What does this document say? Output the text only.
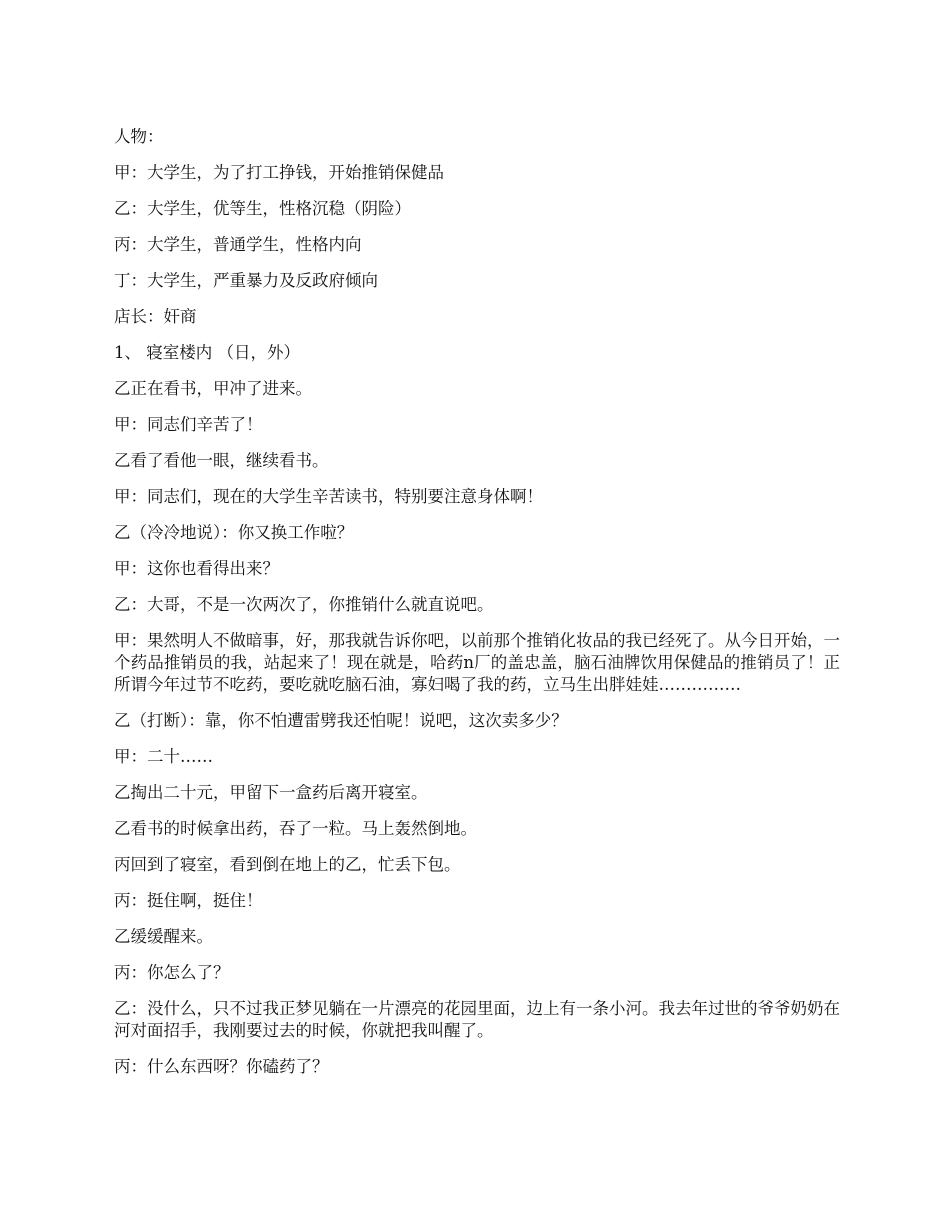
人物：

甲：大学生，为了打工挣钱，开始推销保健品

乙：大学生，优等生，性格沉稳（阴险）

丙：大学生，普通学生，性格内向

丁：大学生，严重暴力及反政府倾向

店长：奸商

1、 寝室楼内 （日，外）

乙正在看书，甲冲了进来。

甲：同志们辛苦了！

乙看了看他一眼，继续看书。

甲：同志们，现在的大学生辛苦读书，特别要注意身体啊！

乙（冷冷地说）：你又换工作啦？

甲：这你也看得出来？

乙：大哥，不是一次两次了，你推销什么就直说吧。

甲：果然明人不做暗事，好，那我就告诉你吧，以前那个推销化妆品的我已经死了。从今日开始，一个药品推销员的我，站起来了！现在就是，哈药n厂的盖忠盖，脑石油牌饮用保健品的推销员了！正所谓今年过节不吃药，要吃就吃脑石油，寡妇喝了我的药，立马生出胖娃娃……………

乙（打断）：靠，你不怕遭雷劈我还怕呢！说吧，这次卖多少？

甲：二十……

乙掏出二十元，甲留下一盒药后离开寝室。

乙看书的时候拿出药，吞了一粒。马上轰然倒地。

丙回到了寝室，看到倒在地上的乙，忙丢下包。

丙：挺住啊，挺住！

乙缓缓醒来。

丙：你怎么了？

乙：没什么，只不过我正梦见躺在一片漂亮的花园里面，边上有一条小河。我去年过世的爷爷奶奶在河对面招手，我刚要过去的时候，你就把我叫醒了。

丙：什么东西呀？你磕药了？
